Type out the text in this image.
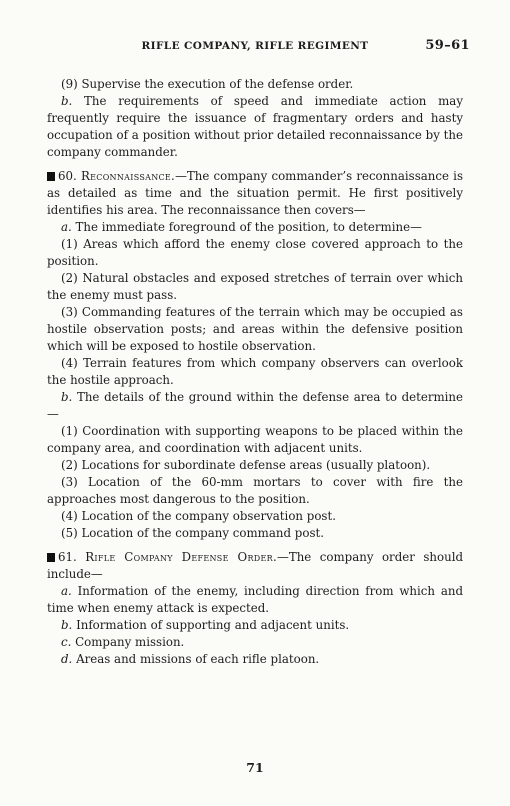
RIFLE COMPANY, RIFLE REGIMENT	59–61

(9) Supervise the execution of the defense order.

b. The requirements of speed and immediate action may frequently require the issuance of fragmentary orders and hasty occupation of a position without prior detailed reconnaissance by the company commander.

60. Reconnaissance.—The company commander’s reconnaissance is as detailed as time and the situation permit. He first positively identifies his area. The reconnaissance then covers—

a. The immediate foreground of the position, to determine—

(1) Areas which afford the enemy close covered approach to the position.

(2) Natural obstacles and exposed stretches of terrain over which the enemy must pass.

(3) Commanding features of the terrain which may be occupied as hostile observation posts; and areas within the defensive position which will be exposed to hostile observation.

(4) Terrain features from which company observers can overlook the hostile approach.

b. The details of the ground within the defense area to determine—

(1) Coordination with supporting weapons to be placed within the company area, and coordination with adjacent units.

(2) Locations for subordinate defense areas (usually platoon).

(3) Location of the 60-mm mortars to cover with fire the approaches most dangerous to the position.

(4) Location of the company observation post.

(5) Location of the company command post.

61. Rifle Company Defense Order.—The company order should include—

a. Information of the enemy, including direction from which and time when enemy attack is expected.

b. Information of supporting and adjacent units.

c. Company mission.

d. Areas and missions of each rifle platoon.

71
